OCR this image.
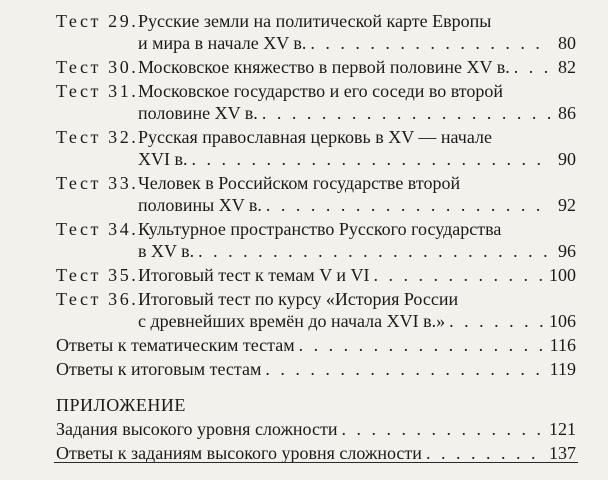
Тест 29. Русские земли на политической карте Европы
и мира в начале XV в. . . .	80
Тест 30. Московское княжество в первой половине XV в. . . .	82
Тест 31. Московское государство и его соседи во второй
половине XV в. . . .	86
Тест 32. Русская православная церковь в XV — начале
XVI в. . . .	90
Тест 33. Человек в Российском государстве второй
половины XV в. . . .	92
Тест 34. Культурное пространство Русского государства
в XV в. . . .	96
Тест 35. Итоговый тест к темам V и VI . . .	100
Тест 36. Итоговый тест по курсу «История России
с древнейших времён до начала XVI в.» . . .	106
Ответы к тематическим тестам . . .	116
Ответы к итоговым тестам . . .	119
ПРИЛОЖЕНИЕ
Задания высокого уровня сложности . . .	121
Ответы к заданиям высокого уровня сложности . . .	137
